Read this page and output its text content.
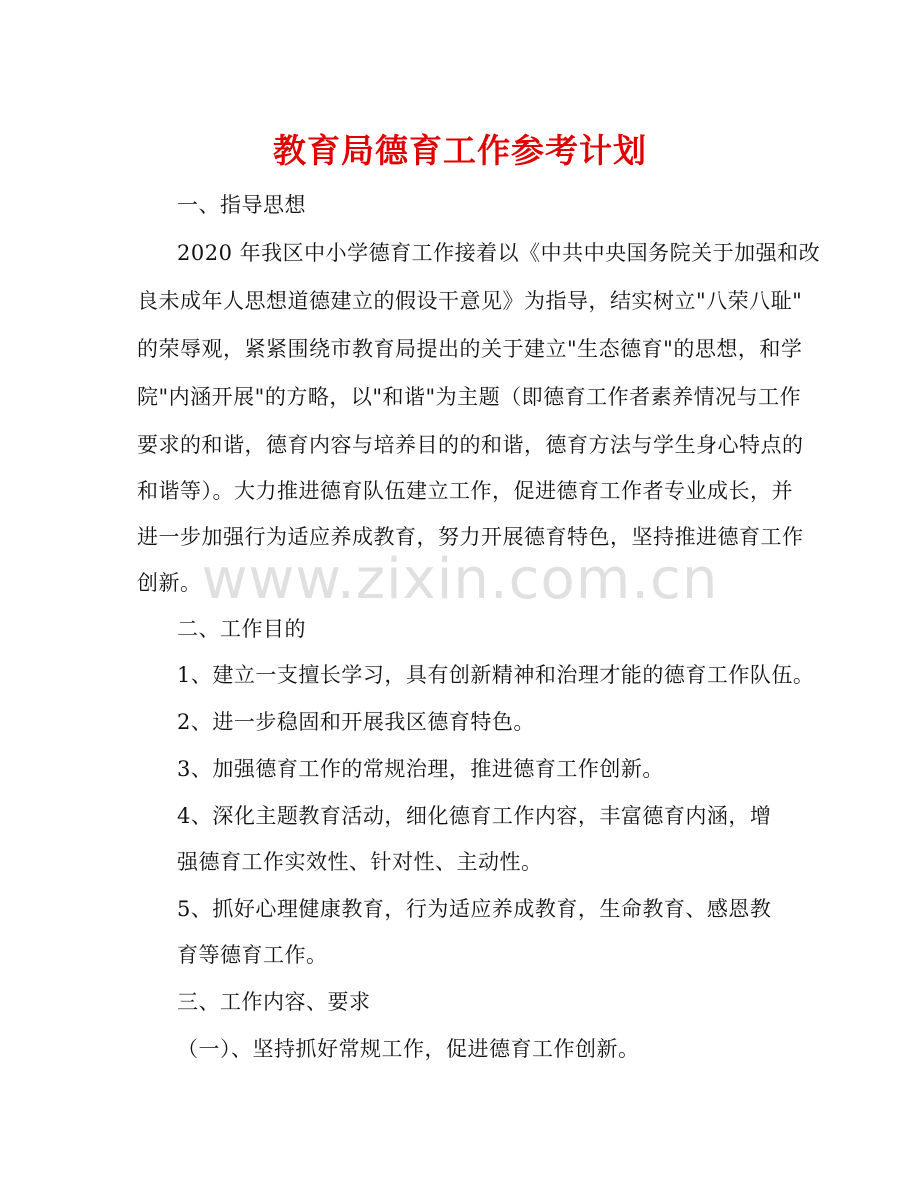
教育局德育工作参考计划
一、指导思想
2020 年我区中小学德育工作接着以《中共中央国务院关于加强和改
良未成年人思想道德建立的假设干意见》为指导，结实树立"八荣八耻"
的荣辱观，紧紧围绕市教育局提出的关于建立"生态德育"的思想，和学
院"内涵开展"的方略，以"和谐"为主题（即德育工作者素养情况与工作
要求的和谐，德育内容与培养目的的和谐，德育方法与学生身心特点的
和谐等）。大力推进德育队伍建立工作，促进德育工作者专业成长，并
进一步加强行为适应养成教育，努力开展德育特色，坚持推进德育工作
创新。
二、工作目的
1、建立一支擅长学习，具有创新精神和治理才能的德育工作队伍。
2、进一步稳固和开展我区德育特色。
3、加强德育工作的常规治理，推进德育工作创新。
4、深化主题教育活动，细化德育工作内容，丰富德育内涵，增
强德育工作实效性、针对性、主动性。
5、抓好心理健康教育，行为适应养成教育，生命教育、感恩教
育等德育工作。
三、工作内容、要求
（一）、坚持抓好常规工作，促进德育工作创新。
www.zixin.com.cn
